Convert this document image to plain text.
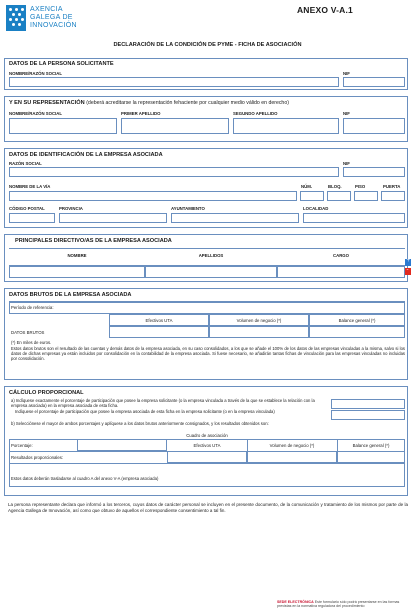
AXENCIA
GALEGA DE
INNOVACIÓN
ANEXO V-A.1
DECLARACIÓN DE LA CONDICIÓN DE PYME - FICHA DE ASOCIACIÓN
DATOS DE LA PERSONA SOLICITANTE
NOMBRE/RAZÓN SOCIAL	NIF
Y EN SU REPRESENTACIÓN (deberá acreditarse la representación fehaciente por cualquier medio válido en derecho)
NOMBRE/RAZÓN SOCIAL	PRIMER APELLIDO	SEGUNDO APELLIDO	NIF
DATOS DE IDENTIFICACIÓN DE LA EMPRESA ASOCIADA
RAZÓN SOCIAL	NIF
NOMBRE DE LA VÍA	NÚM.	BLOQ.	PISO	PUERTA
CÓDIGO POSTAL	PROVINCIA	AYUNTAMIENTO	LOCALIDAD
PRINCIPALES DIRECTIVO/AS DE LA EMPRESA ASOCIADA
NOMBRE	APELLIDOS	CARGO
+
-
DATOS BRUTOS DE LA EMPRESA ASOCIADA
Período de referencia:
Efectivos UTA	Volumen de negocio (*)	Balance general (*)
DATOS BRUTOS
(*) En miles de euros.
Estos datos brutos son el resultado de las cuentas y demás datos de la empresa asociada, en su caso consolidados, a los que se añade el 100% de los datos de las empresas vinculadas a la misma, salvo si los datos de dichas empresas ya están incluidos por consolidación en la contabilidad de la empresa asociada. Si fuese necesario, se añadirán tantas fichas de vinculación para las empresas vinculadas no incluidas por consolidación.
CÁLCULO PROPORCIONAL
a) Indíquese exactamente el porcentaje de participación que posee la empresa solicitante (o la empresa vinculada a través de la que se establece la relación con la empresa asociada) en la empresa asociada de esta ficha.
Indíquese el porcentaje de participación que posee la empresa asociada de esta ficha en la empresa solicitante (o en la empresa vinculada)
b) Selecciónese el mayor de ambos porcentajes y aplíquese a los datos brutos anteriormente consignados, y los resultados obtenidos son:
Cuadro de asociación
Porcentaje:	Efectivos UTA	Volumen de negocio (*)	Balance general (*)
Resultados proporcionales:
Estos datos deberán trasladarse al cuadro A del anexo V-A (empresa asociada)
La persona representante declara que informó a los terceros, cuyos datos de carácter personal se incluyen en el presente documento, de la comunicación y tratamiento de los mismos por parte de la Agencia Gallega de Innovación, así como que obtuvo de aquellos el correspondiente consentimiento a tal fin.
SEDE ELECTRÓNICA Este formulario sólo podrá presentarse en las formas previstas en la normativa reguladora del procedimiento
